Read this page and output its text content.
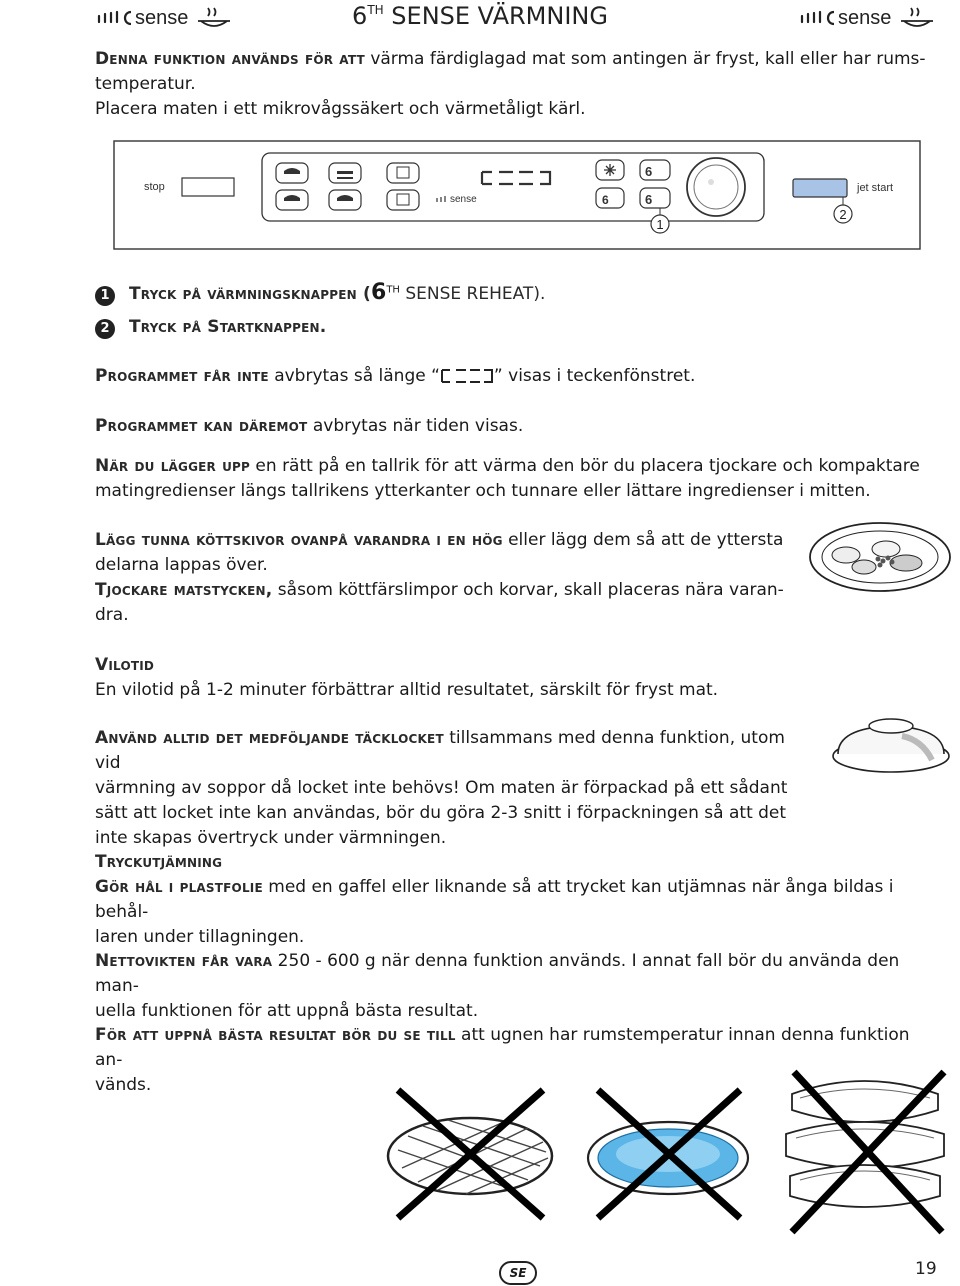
sense	6TH SENSE VÄRMNING	sense
Denna funktion används för att värma färdiglagad mat som antingen är fryst, kall eller har rums-
temperatur.
Placera maten i ett mikrovågssäkert och värmetåligt kärl.
stop
sense
6
6
6
jet start
1
2
1 Tryck på värmningsknappen (6TH SENSE REHEAT).
2 Tryck på Startknappen.
Programmet får inte avbrytas så länge “	” visas i teckenfönstret.
Programmet kan däremot avbrytas när tiden visas.
När du lägger upp en rätt på en tallrik för att värma den bör du placera tjockare och kompaktare
matingredienser längs tallrikens ytterkanter och tunnare eller lättare ingredienser i mitten.
Lägg tunna köttskivor ovanpå varandra i en hög eller lägg dem så att de yttersta
delarna lappas över.
Tjockare matstycken, såsom köttfärslimpor och korvar, skall placeras nära varan-
dra.
Vilotid
En vilotid på 1-2 minuter förbättrar alltid resultatet, särskilt för fryst mat.
Använd alltid det medföljande täcklocket tillsammans med denna funktion, utom vid
värmning av soppor då locket inte behövs! Om maten är förpackad på ett sådant
sätt att locket inte kan användas, bör du göra 2-3 snitt i förpackningen så att det
inte skapas övertryck under värmningen.
Tryckutjämning
Gör hål i plastfolie med en gaffel eller liknande så att trycket kan utjämnas när ånga bildas i behål-
laren under tillagningen.
Nettovikten får vara 250 - 600 g när denna funktion används. I annat fall bör du använda den man-
uella funktionen för att uppnå bästa resultat.
För att uppnå bästa resultat bör du se till att ugnen har rumstemperatur innan denna funktion an-
vänds.
SE	19
